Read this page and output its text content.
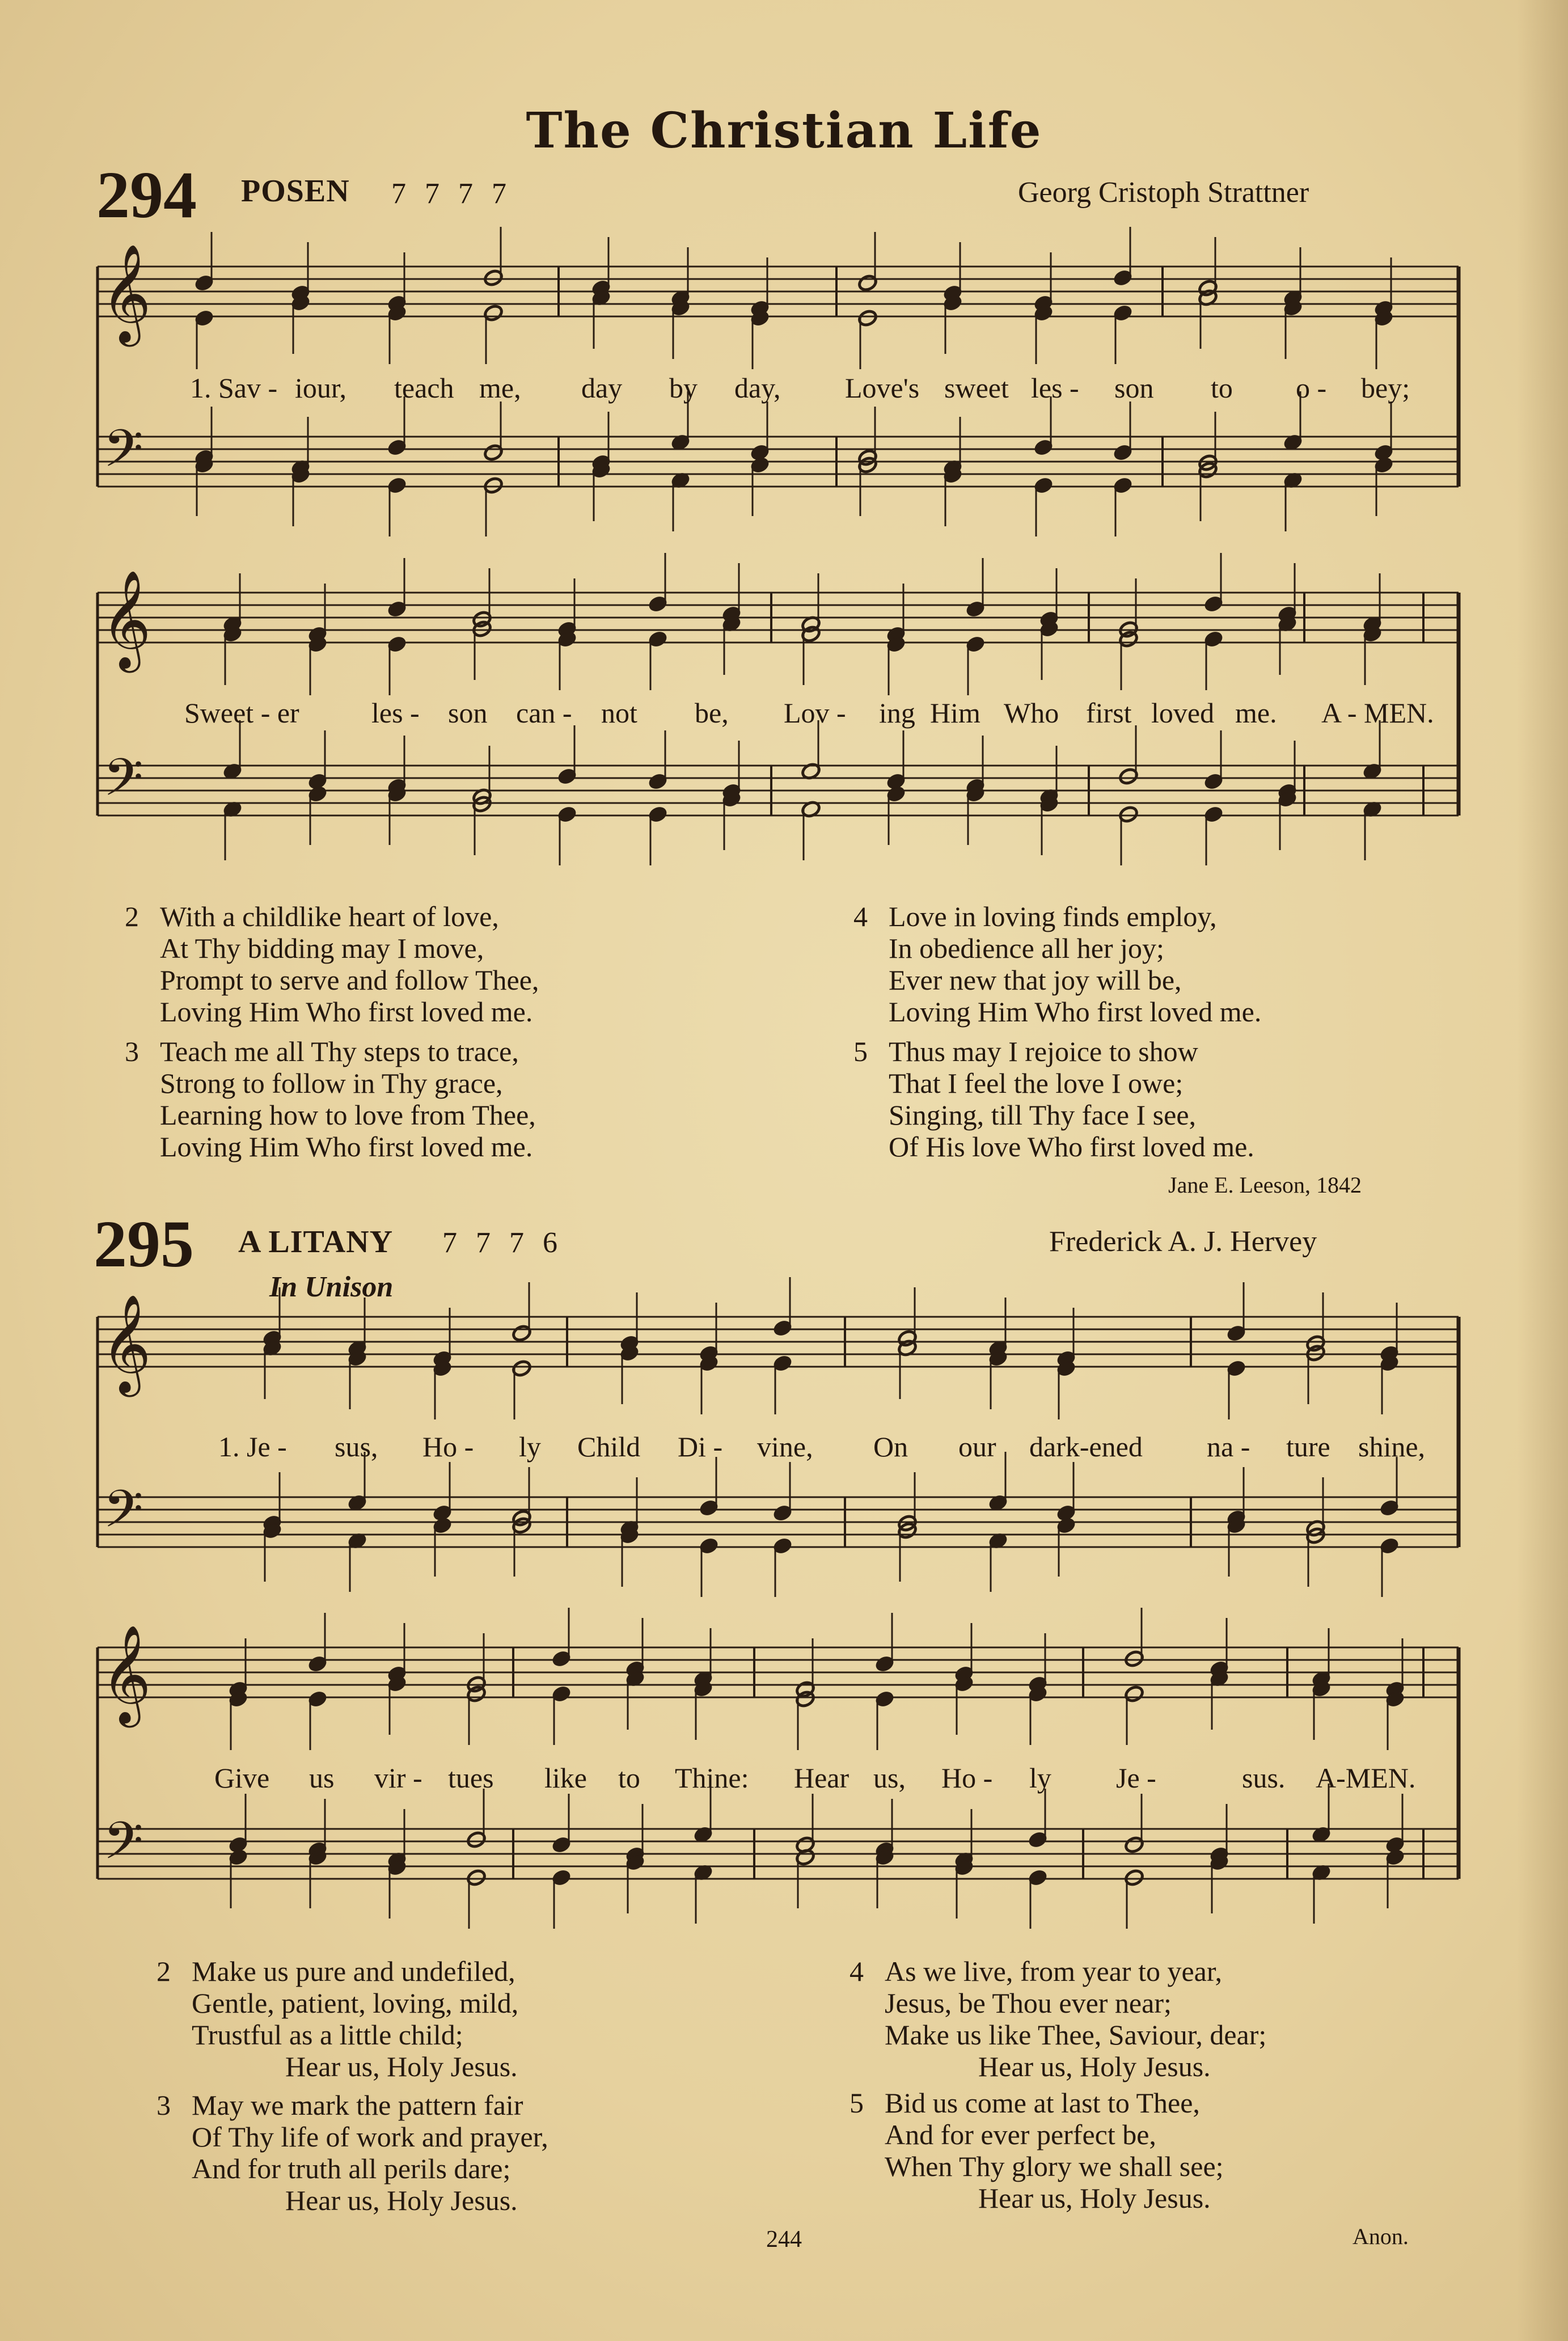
The Christian Life
294 POSEN 7 7 7 7	Georg Cristoph Strattner
𝄞
𝄢
𝄞
𝄢
1. Sav - iour, teach me, day by day, Love's sweet les - son to o - bey;
Sweet - er	les - son can - not be, Lov - ing Him Who first loved me. A - MEN.
2 With a childlike heart of love,
At Thy bidding may I move,
Prompt to serve and follow Thee,
Loving Him Who first loved me.
3 Teach me all Thy steps to trace,
Strong to follow in Thy grace,
Learning how to love from Thee,
Loving Him Who first loved me.
4 Love in loving finds employ,
In obedience all her joy;
Ever new that joy will be,
Loving Him Who first loved me.
5 Thus may I rejoice to show
That I feel the love I owe;
Singing, till Thy face I see,
Of His love Who first loved me.
Jane E. Leeson, 1842
295 A LITANY 7 7 7 6	Frederick A. J. Hervey
In Unison
𝄞
𝄢
𝄞
𝄢
1. Je - sus, Ho - ly Child Di - vine, On our dark-ened na - ture shine,
Give us vir - tues like to Thine: Hear us, Ho - ly Je -	sus. A-MEN.
2 Make us pure and undefiled,
Gentle, patient, loving, mild,
Trustful as a little child;
Hear us, Holy Jesus.
3 May we mark the pattern fair
Of Thy life of work and prayer,
And for truth all perils dare;
Hear us, Holy Jesus.
4 As we live, from year to year,
Jesus, be Thou ever near;
Make us like Thee, Saviour, dear;
Hear us, Holy Jesus.
5 Bid us come at last to Thee,
And for ever perfect be,
When Thy glory we shall see;
Hear us, Holy Jesus.
Anon.
244
